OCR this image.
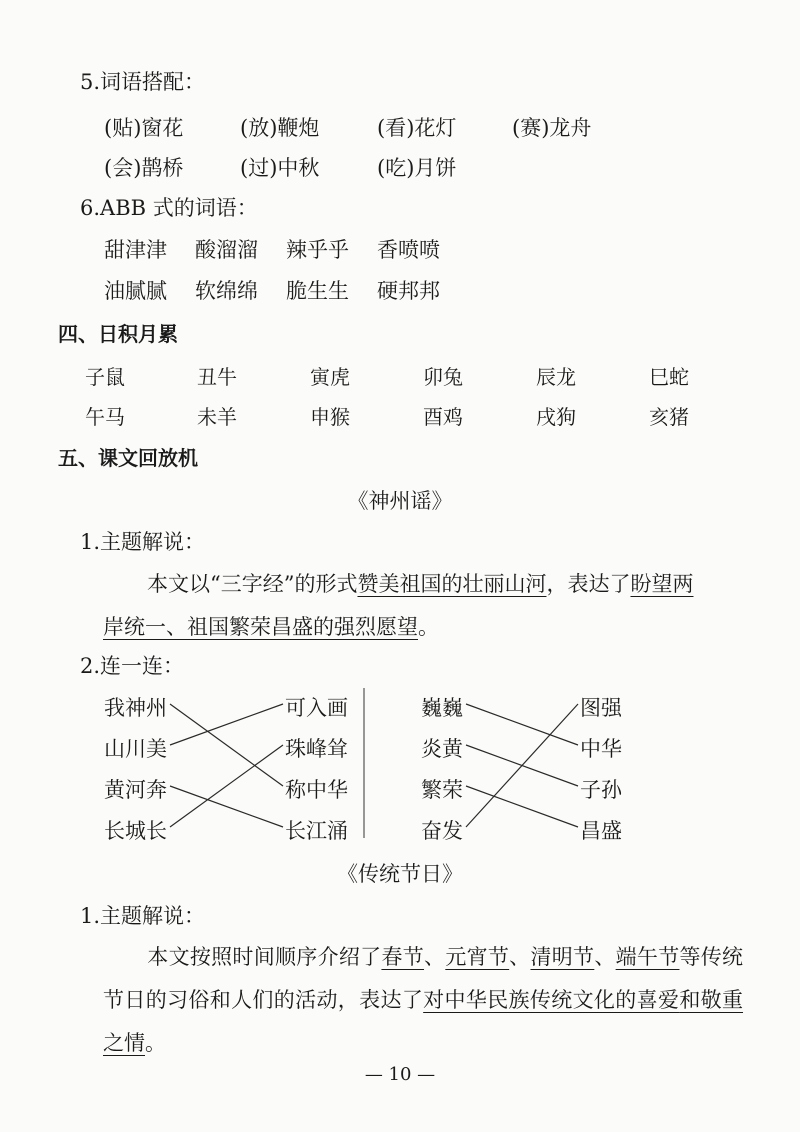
5.词语搭配：
(贴)窗花	(放)鞭炮	(看)花灯	(赛)龙舟
(会)鹊桥	(过)中秋	(吃)月饼
6.ABB 式的词语：
甜津津 酸溜溜 辣乎乎 香喷喷
油腻腻 软绵绵 脆生生 硬邦邦
四、日积月累
子鼠	丑牛	寅虎	卯兔	辰龙	巳蛇
午马	未羊	申猴	酉鸡	戌狗	亥猪
五、课文回放机
《神州谣》
1.主题解说：
本文以“三字经”的形式赞美祖国的壮丽山河，表达了盼望两
岸统一、祖国繁荣昌盛的强烈愿望。
2.连一连：
我神州
山川美
黄河奔
长城长
可入画
珠峰耸
称中华
长江涌
巍巍
炎黄
繁荣
奋发
图强
中华
子孙
昌盛
《传统节日》
1.主题解说：
本文按照时间顺序介绍了春节、元宵节、清明节、端午节等传统节日的习俗和人们的活动，表达了对中华民族传统文化的喜爱和敬重之情。
— 10 —
